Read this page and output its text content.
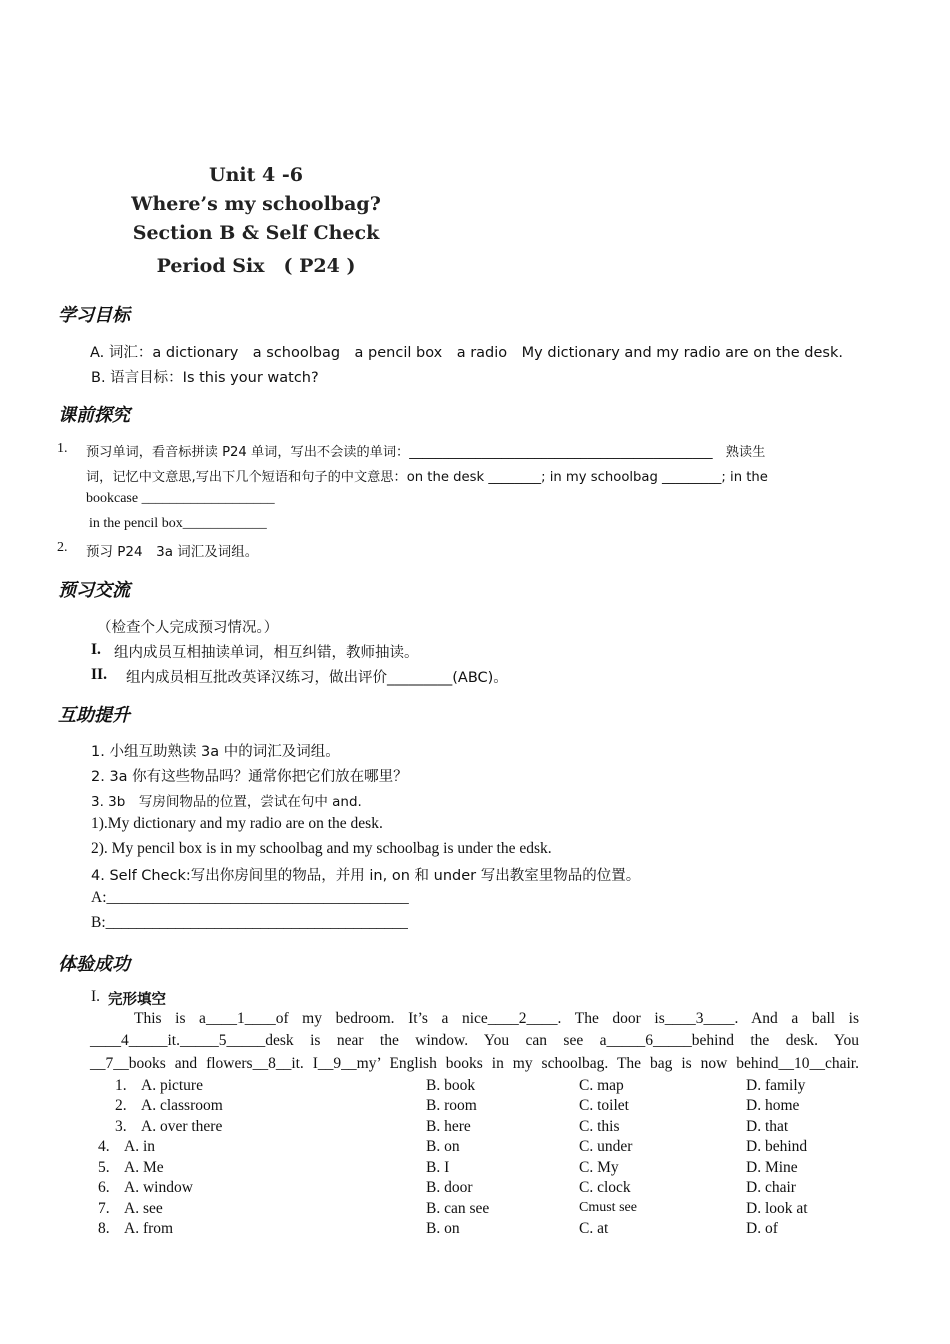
Unit 4 -6
Where’s my schoolbag?
Section B & Self Check
Period Six　( P24 )
学习目标
A. 词汇：a dictionary　a schoolbag　a pencil box　a radio　My dictionary and my radio are on the desk.
B. 语言目标：Is this your watch?
课前探究
1. 预习单词，看音标拼读 P24 单词，写出不会读的单词：______________________________________________　熟读生
词，记忆中文意思,写出下几个短语和句子的中文意思：on the desk ________; in my schoolbag _________; in the
bookcase ___________________
in the pencil box____________
2. 预习 P24　3a 词汇及词组。
预习交流
（检查个人完成预习情况。）
I. 组内成员互相抽读单词，相互纠错，教师抽读。
II. 组内成员相互批改英译汉练习，做出评价_________(ABC)。
互助提升
1. 小组互助熟读 3a 中的词汇及词组。
2. 3a 你有这些物品吗？通常你把它们放在哪里？
3. 3b　写房间物品的位置，尝试在句中 and.
1).My dictionary and my radio are on the desk.
2). My pencil box is in my schoolbag and my schoolbag is under the edsk.
4. Self Check:写出你房间里的物品，并用 in, on 和 under 写出教室里物品的位置。
A:_______________________________________
B:_______________________________________
体验成功
I. 完形填空
This is a____1____of my bedroom. It’s a nice____2____. The door is____3____. And a ball is
____4_____it._____5_____desk is near the window. You can see a_____6_____behind the desk. You
__7__books and flowers__8__it. I__9__my’ English books in my schoolbag. The bag is now behind__10__chair.
1. A. picture	B. book	C. map	D. family
2. A. classroom	B. room	C. toilet	D. home
3. A. over there	B. here	C. this	D. that
4. A. in	B. on	C. under	D. behind
5. A. Me	B. I	C. My	D. Mine
6. A. window	B. door	C. clock	D. chair
7. A. see	B. can see	Cmust see	D. look at
8. A. from	B. on	C. at	D. of
